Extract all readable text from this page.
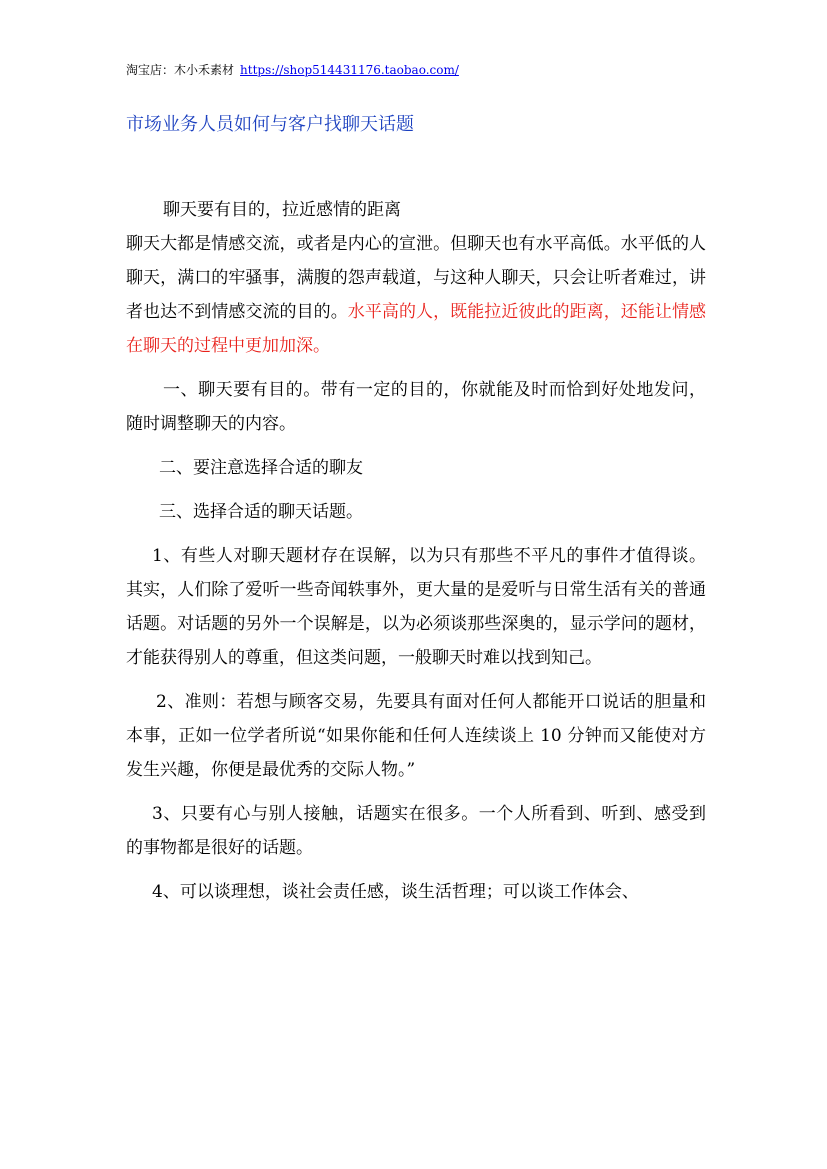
淘宝店：木小禾素材 https://shop514431176.taobao.com/
市场业务人员如何与客户找聊天话题

聊天要有目的，拉近感情的距离

聊天大都是情感交流，或者是内心的宣泄。但聊天也有水平高低。水平低的人聊天，满口的牢骚事，满腹的怨声载道，与这种人聊天，只会让听者难过，讲者也达不到情感交流的目的。水平高的人，既能拉近彼此的距离，还能让情感在聊天的过程中更加加深。

一、聊天要有目的。带有一定的目的，你就能及时而恰到好处地发问，随时调整聊天的内容。

二、要注意选择合适的聊友

三、选择合适的聊天话题。

1、有些人对聊天题材存在误解，以为只有那些不平凡的事件才值得谈。其实，人们除了爱听一些奇闻轶事外，更大量的是爱听与日常生活有关的普通话题。对话题的另外一个误解是，以为必须谈那些深奥的，显示学问的题材，才能获得别人的尊重，但这类问题，一般聊天时难以找到知己。

2、准则：若想与顾客交易，先要具有面对任何人都能开口说话的胆量和本事，正如一位学者所说“如果你能和任何人连续谈上 10 分钟而又能使对方发生兴趣，你便是最优秀的交际人物。”

3、只要有心与别人接触，话题实在很多。一个人所看到、听到、感受到的事物都是很好的话题。

4、可以谈理想，谈社会责任感，谈生活哲理；可以谈工作体会、
